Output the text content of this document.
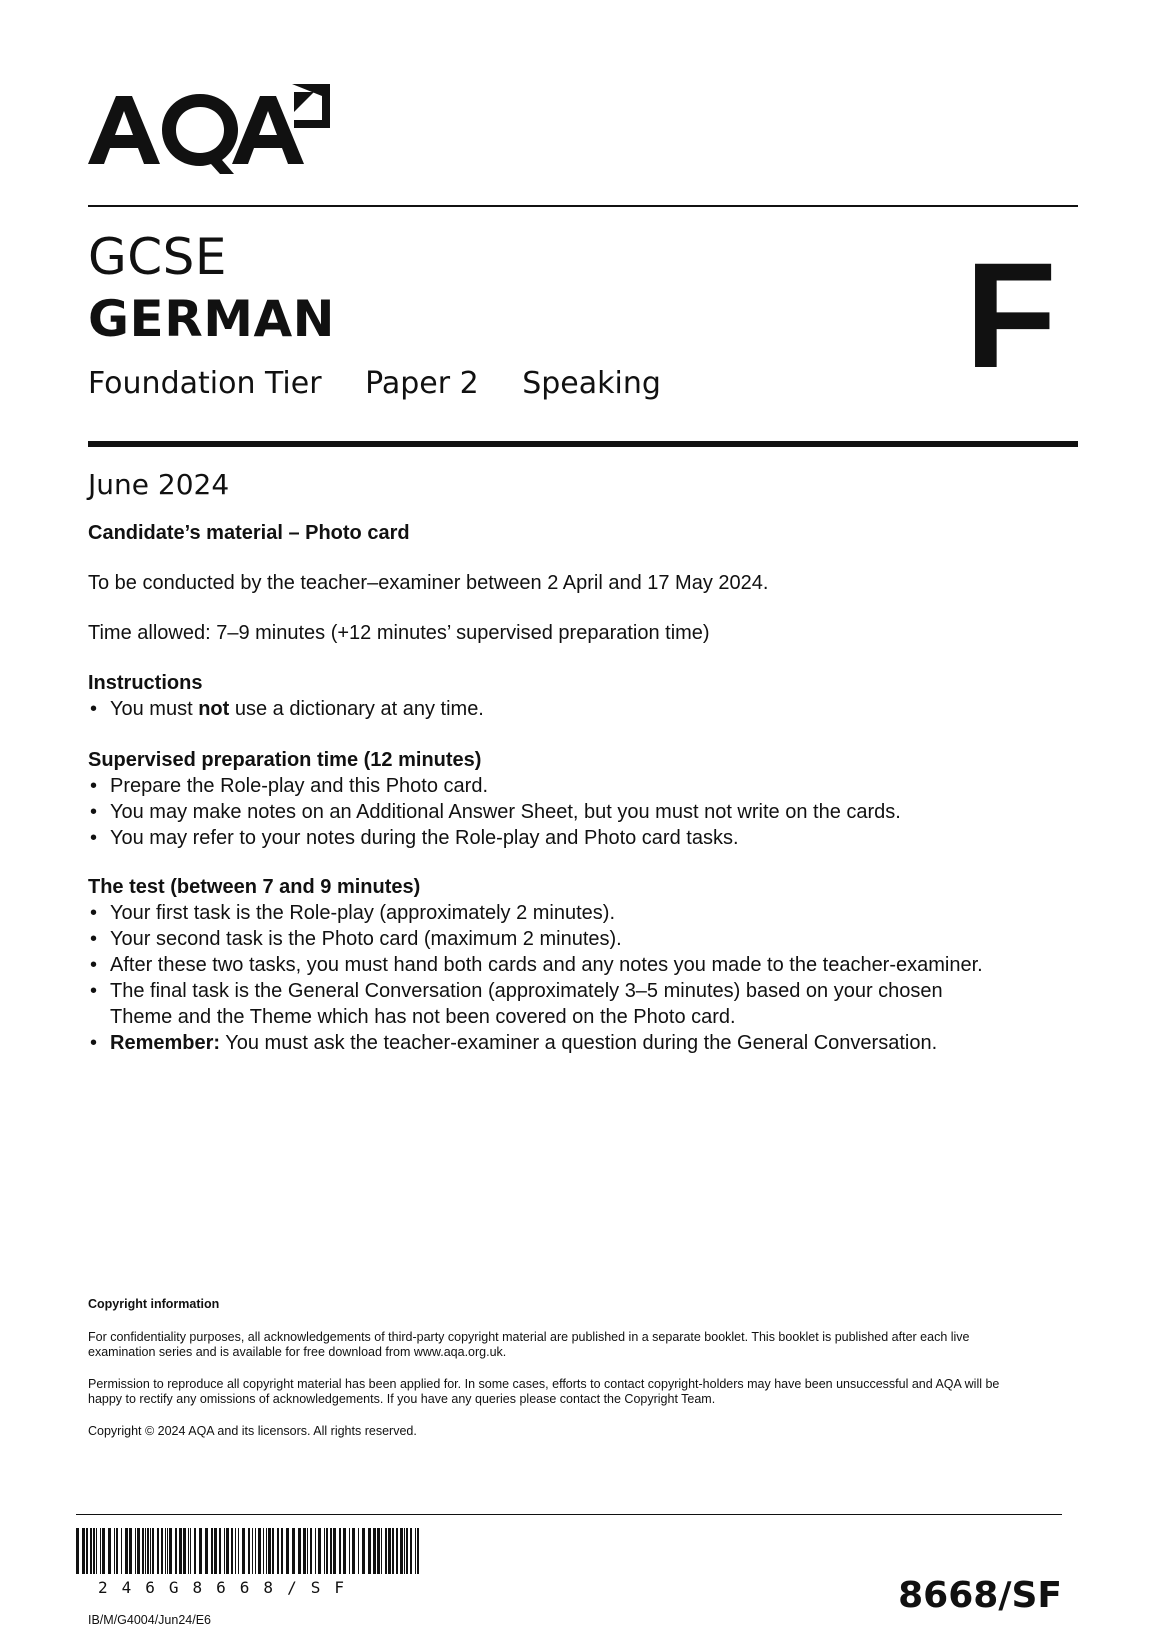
GCSE
GERMAN
Foundation Tier Paper 2 Speaking F
June 2024
Candidate’s material – Photo card
To be conducted by the teacher–examiner between 2 April and 17 May 2024.
Time allowed: 7–9 minutes (+12 minutes’ supervised preparation time)
Instructions
• You must not use a dictionary at any time.
Supervised preparation time (12 minutes)
• Prepare the Role-play and this Photo card.
• You may make notes on an Additional Answer Sheet, but you must not write on the cards.
• You may refer to your notes during the Role-play and Photo card tasks.
The test (between 7 and 9 minutes)
• Your first task is the Role-play (approximately 2 minutes).
• Your second task is the Photo card (maximum 2 minutes).
• After these two tasks, you must hand both cards and any notes you made to the teacher-examiner.
• The final task is the General Conversation (approximately 3–5 minutes) based on your chosen Theme and the Theme which has not been covered on the Photo card.
• Remember: You must ask the teacher-examiner a question during the General Conversation.
Copyright information
For confidentiality purposes, all acknowledgements of third-party copyright material are published in a separate booklet. This booklet is published after each live examination series and is available for free download from www.aqa.org.uk.
Permission to reproduce all copyright material has been applied for. In some cases, efforts to contact copyright-holders may have been unsuccessful and AQA will be happy to rectify any omissions of acknowledgements. If you have any queries please contact the Copyright Team.
Copyright © 2024 AQA and its licensors. All rights reserved.
246G8668/SF
IB/M/G4004/Jun24/E6
8668/SF
